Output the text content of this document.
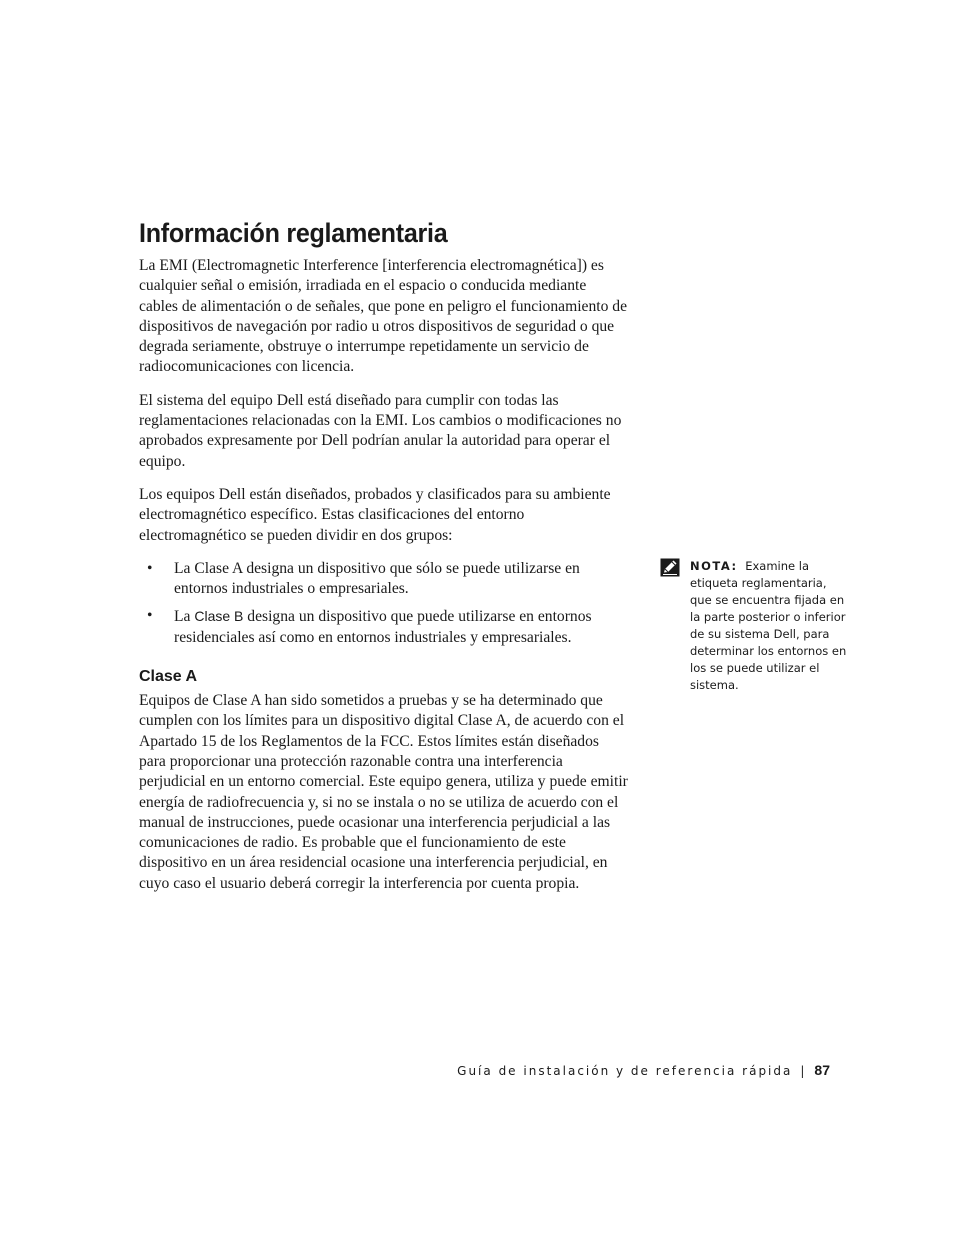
Información reglamentaria

La EMI (Electromagnetic Interference [interferencia electromagnética]) es cualquier señal o emisión, irradiada en el espacio o conducida mediante cables de alimentación o de señales, que pone en peligro el funcionamiento de dispositivos de navegación por radio u otros dispositivos de seguridad o que degrada seriamente, obstruye o interrumpe repetidamente un servicio de radiocomunicaciones con licencia.

El sistema del equipo Dell está diseñado para cumplir con todas las reglamentaciones relacionadas con la EMI. Los cambios o modificaciones no aprobados expresamente por Dell podrían anular la autoridad para operar el equipo.

Los equipos Dell están diseñados, probados y clasificados para su ambiente electromagnético específico. Estas clasificaciones del entorno electromagnético se pueden dividir en dos grupos:

• La Clase A designa un dispositivo que sólo se puede utilizarse en entornos industriales o empresariales.
• La Clase B designa un dispositivo que puede utilizarse en entornos residenciales así como en entornos industriales y empresariales.
Clase A

Equipos de Clase A han sido sometidos a pruebas y se ha determinado que cumplen con los límites para un dispositivo digital Clase A, de acuerdo con el Apartado 15 de los Reglamentos de la FCC. Estos límites están diseñados para proporcionar una protección razonable contra una interferencia perjudicial en un entorno comercial. Este equipo genera, utiliza y puede emitir energía de radiofrecuencia y, si no se instala o no se utiliza de acuerdo con el manual de instrucciones, puede ocasionar una interferencia perjudicial a las comunicaciones de radio. Es probable que el funcionamiento de este dispositivo en un área residencial ocasione una interferencia perjudicial, en cuyo caso el usuario deberá corregir la interferencia por cuenta propia.

NOTA: Examine la etiqueta reglamentaria, que se encuentra fijada en la parte posterior o inferior de su sistema Dell, para determinar los entornos en los se puede utilizar el sistema.
Guía de instalación y de referencia rápida | 87
